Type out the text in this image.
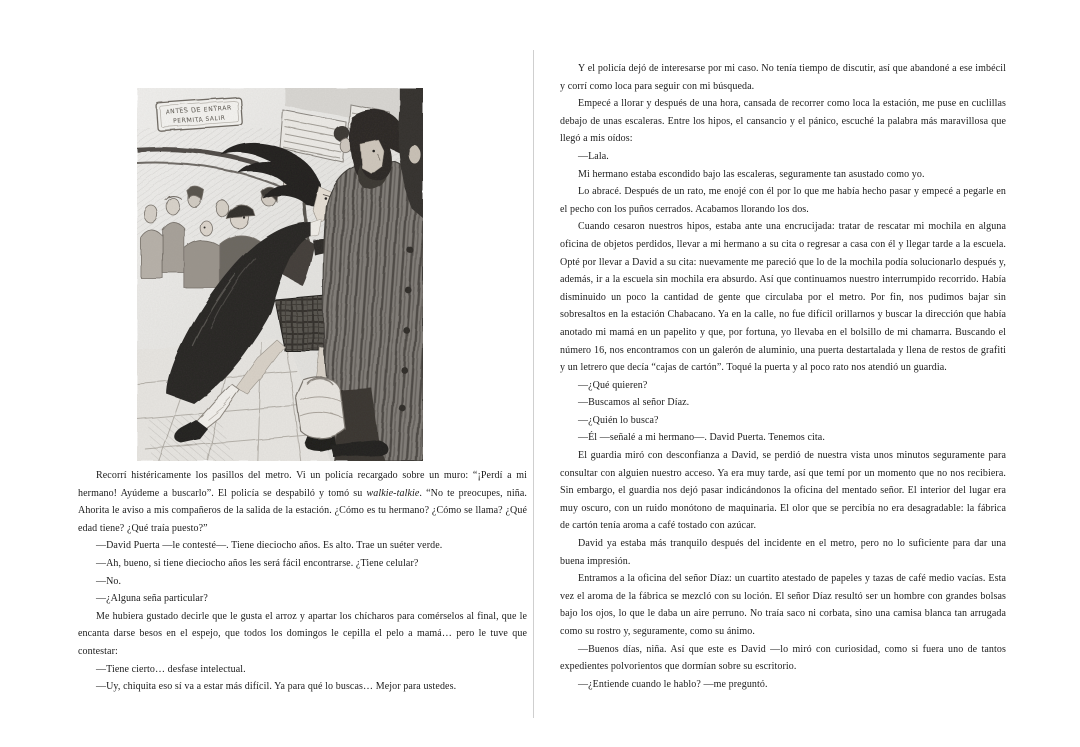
ANTES DE ENTRAR
PERMITA SALIR

Recorrí histéricamente los pasillos del metro. Vi un policía recargado sobre un muro: “¡Perdí a mi hermano! Ayúdeme a buscarlo”. El policía se despabiló y tomó su walkie-talkie. “No te preocupes, niña. Ahorita le aviso a mis compañeros de la salida de la estación. ¿Cómo es tu hermano? ¿Cómo se llama? ¿Qué edad tiene? ¿Qué traía puesto?”

—David Puerta —le contesté—. Tiene dieciocho años. Es alto. Trae un suéter verde.

—Ah, bueno, si tiene dieciocho años les será fácil encontrarse. ¿Tiene celular?

—No.

—¿Alguna seña particular?

Me hubiera gustado decirle que le gusta el arroz y apartar los chícharos para comérselos al final, que le encanta darse besos en el espejo, que todos los domingos le cepilla el pelo a mamá… pero le tuve que contestar:

—Tiene cierto… desfase intelectual.

—Uy, chiquita eso sí va a estar más difícil. Ya para qué lo buscas… Mejor para ustedes.

Y el policía dejó de interesarse por mi caso. No tenía tiempo de discutir, así que abandoné a ese imbécil y corrí como loca para seguir con mi búsqueda.

Empecé a llorar y después de una hora, cansada de recorrer como loca la estación, me puse en cuclillas debajo de unas escaleras. Entre los hipos, el cansancio y el pánico, escuché la palabra más maravillosa que llegó a mis oídos:

—Lala.

Mi hermano estaba escondido bajo las escaleras, seguramente tan asustado como yo.

Lo abracé. Después de un rato, me enojé con él por lo que me había hecho pasar y empecé a pegarle en el pecho con los puños cerrados. Acabamos llorando los dos.

Cuando cesaron nuestros hipos, estaba ante una encrucijada: tratar de rescatar mi mochila en alguna oficina de objetos perdidos, llevar a mi hermano a su cita o regresar a casa con él y llegar tarde a la escuela. Opté por llevar a David a su cita: nuevamente me pareció que lo de la mochila podía solucionarlo después y, además, ir a la escuela sin mochila era absurdo. Así que continuamos nuestro interrumpido recorrido. Había disminuido un poco la cantidad de gente que circulaba por el metro. Por fin, nos pudimos bajar sin sobresaltos en la estación Chabacano. Ya en la calle, no fue difícil orillarnos y buscar la dirección que había anotado mi mamá en un papelito y que, por fortuna, yo llevaba en el bolsillo de mi chamarra. Buscando el número 16, nos encontramos con un galerón de aluminio, una puerta destartalada y llena de restos de grafiti y un letrero que decía “cajas de cartón”. Toqué la puerta y al poco rato nos atendió un guardia.

—¿Qué quieren?

—Buscamos al señor Díaz.

—¿Quién lo busca?

—Él —señalé a mi hermano—. David Puerta. Tenemos cita.

El guardia miró con desconfianza a David, se perdió de nuestra vista unos minutos seguramente para consultar con alguien nuestro acceso. Ya era muy tarde, así que temí por un momento que no nos recibiera. Sin embargo, el guardia nos dejó pasar indicándonos la oficina del mentado señor. El interior del lugar era muy oscuro, con un ruido monótono de maquinaria. El olor que se percibía no era desagradable: la fábrica de cartón tenía aroma a café tostado con azúcar.

David ya estaba más tranquilo después del incidente en el metro, pero no lo suficiente para dar una buena impresión.

Entramos a la oficina del señor Díaz: un cuartito atestado de papeles y tazas de café medio vacías. Esta vez el aroma de la fábrica se mezcló con su loción. El señor Díaz resultó ser un hombre con grandes bolsas bajo los ojos, lo que le daba un aire perruno. No traía saco ni corbata, sino una camisa blanca tan arrugada como su rostro y, seguramente, como su ánimo.

—Buenos días, niña. Así que este es David —lo miró con curiosidad, como si fuera uno de tantos expedientes polvorientos que dormían sobre su escritorio.

—¿Entiende cuando le hablo? —me preguntó.
